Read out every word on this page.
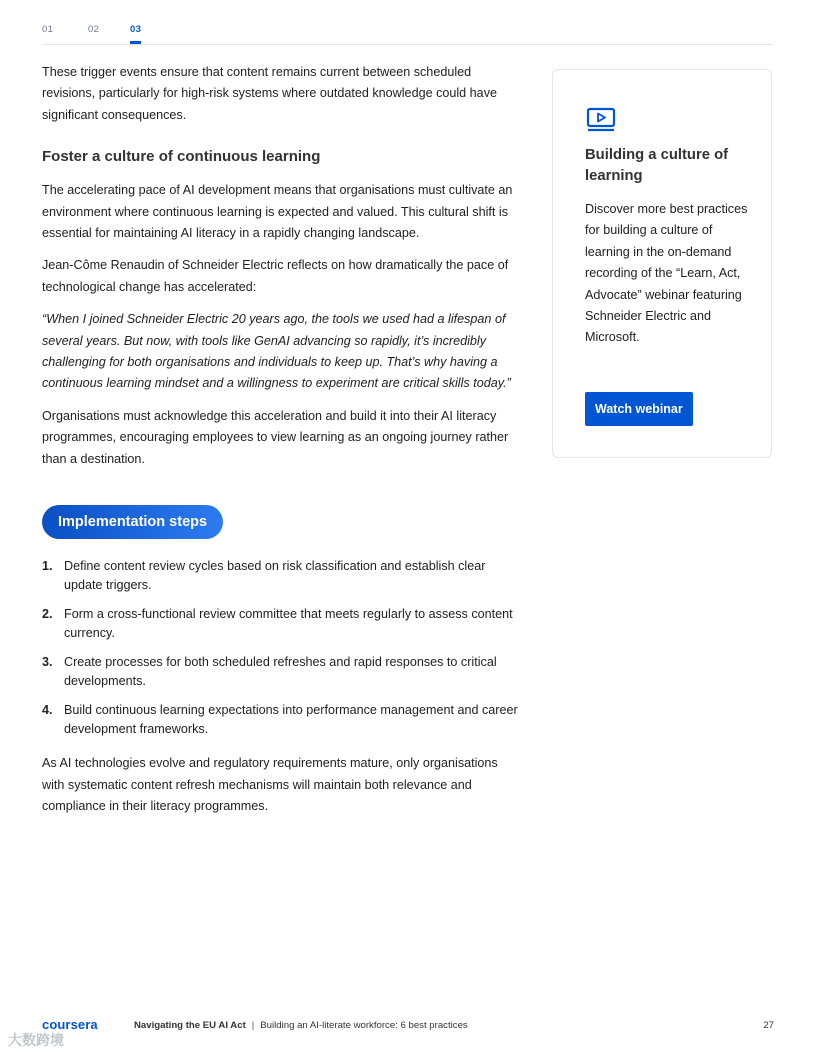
01	02	03

These trigger events ensure that content remains current between scheduled revisions, particularly for high-risk systems where outdated knowledge could have significant consequences.

Foster a culture of continuous learning

The accelerating pace of AI development means that organisations must cultivate an environment where continuous learning is expected and valued. This cultural shift is essential for maintaining AI literacy in a rapidly changing landscape.

Jean-Côme Renaudin of Schneider Electric reflects on how dramatically the pace of technological change has accelerated:

“When I joined Schneider Electric 20 years ago, the tools we used had a lifespan of several years. But now, with tools like GenAI advancing so rapidly, it’s incredibly challenging for both organisations and individuals to keep up. That’s why having a continuous learning mindset and a willingness to experiment are critical skills today.”

Organisations must acknowledge this acceleration and build it into their AI literacy programmes, encouraging employees to view learning as an ongoing journey rather than a destination.

Implementation steps
1. Define content review cycles based on risk classification and establish clear update triggers.
2. Form a cross-functional review committee that meets regularly to assess content currency.
3. Create processes for both scheduled refreshes and rapid responses to critical developments.
4. Build continuous learning expectations into performance management and career development frameworks.

As AI technologies evolve and regulatory requirements mature, only organisations with systematic content refresh mechanisms will maintain both relevance and compliance in their literacy programmes.

Building a culture of learning
Discover more best practices for building a culture of learning in the on-demand recording of the “Learn, Act, Advocate” webinar featuring Schneider Electric and Microsoft.
Watch webinar
coursera
大数跨境
Navigating the EU AI Act | Building an AI-literate workforce: 6 best practices	27
